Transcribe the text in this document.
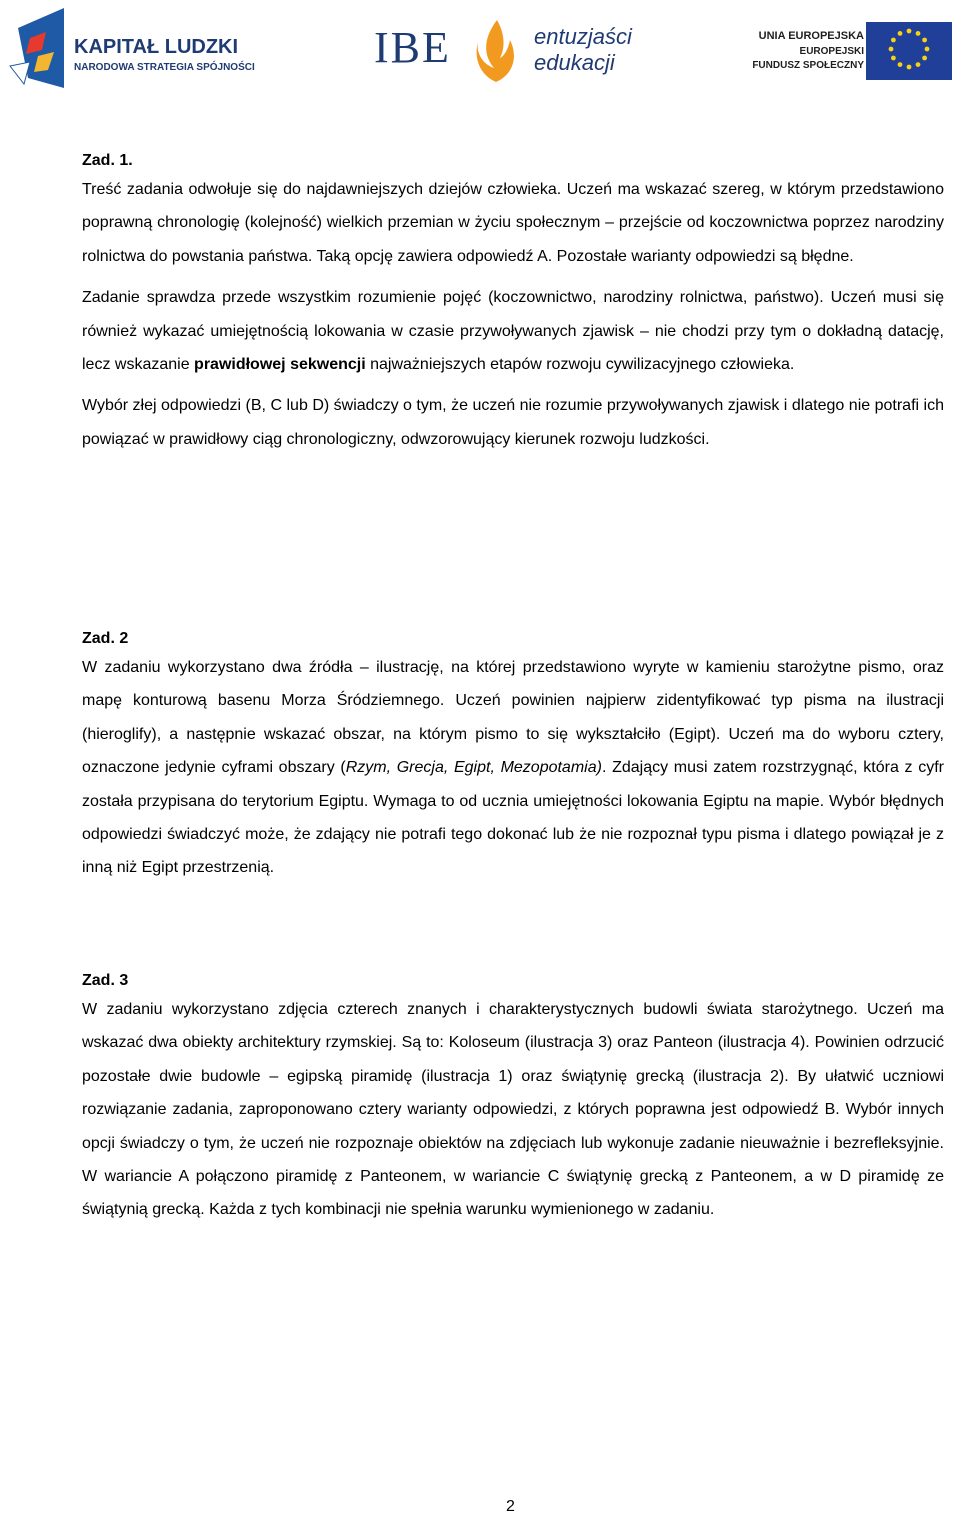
KAPITAŁ LUDZKI
NARODOWA STRATEGIA SPÓJNOŚCI	IBE	entuzjaści
edukacji
UNIA EUROPEJSKA
EUROPEJSKI
FUNDUSZ SPOŁECZNY

Zad. 1.

Treść zadania odwołuje się do najdawniejszych dziejów człowieka. Uczeń ma wskazać szereg, w którym przedstawiono poprawną chronologię (kolejność) wielkich przemian w życiu społecznym – przejście od koczownictwa poprzez narodziny rolnictwa do powstania państwa. Taką opcję zawiera odpowiedź A. Pozostałe warianty odpowiedzi są błędne.

Zadanie sprawdza przede wszystkim rozumienie pojęć (koczownictwo, narodziny rolnictwa, państwo). Uczeń musi się również wykazać umiejętnością lokowania w czasie przywoływanych zjawisk – nie chodzi przy tym o dokładną datację, lecz wskazanie prawidłowej sekwencji najważniejszych etapów rozwoju cywilizacyjnego człowieka.

Wybór złej odpowiedzi (B, C lub D) świadczy o tym, że uczeń nie rozumie przywoływanych zjawisk i dlatego nie potrafi ich powiązać w prawidłowy ciąg chronologiczny, odwzorowujący kierunek rozwoju ludzkości.

Zad. 2

W zadaniu wykorzystano dwa źródła – ilustrację, na której przedstawiono wyryte w kamieniu starożytne pismo, oraz mapę konturową basenu Morza Śródziemnego. Uczeń powinien najpierw zidentyfikować typ pisma na ilustracji (hieroglify), a następnie wskazać obszar, na którym pismo to się wykształciło (Egipt). Uczeń ma do wyboru cztery, oznaczone jedynie cyframi obszary (Rzym, Grecja, Egipt, Mezopotamia). Zdający musi zatem rozstrzygnąć, która z cyfr została przypisana do terytorium Egiptu. Wymaga to od ucznia umiejętności lokowania Egiptu na mapie. Wybór błędnych odpowiedzi świadczyć może, że zdający nie potrafi tego dokonać lub że nie rozpoznał typu pisma i dlatego powiązał je z inną niż Egipt przestrzenią.

Zad. 3

W zadaniu wykorzystano zdjęcia czterech znanych i charakterystycznych budowli świata starożytnego. Uczeń ma wskazać dwa obiekty architektury rzymskiej. Są to: Koloseum (ilustracja 3) oraz Panteon (ilustracja 4). Powinien odrzucić pozostałe dwie budowle – egipską piramidę (ilustracja 1) oraz świątynię grecką (ilustracja 2). By ułatwić uczniowi rozwiązanie zadania, zaproponowano cztery warianty odpowiedzi, z których poprawna jest odpowiedź B. Wybór innych opcji świadczy o tym, że uczeń nie rozpoznaje obiektów na zdjęciach lub wykonuje zadanie nieuważnie i bezrefleksyjnie. W wariancie A połączono piramidę z Panteonem, w wariancie C świątynię grecką z Panteonem, a w D piramidę ze świątynią grecką. Każda z tych kombinacji nie spełnia warunku wymienionego w zadaniu.

2
